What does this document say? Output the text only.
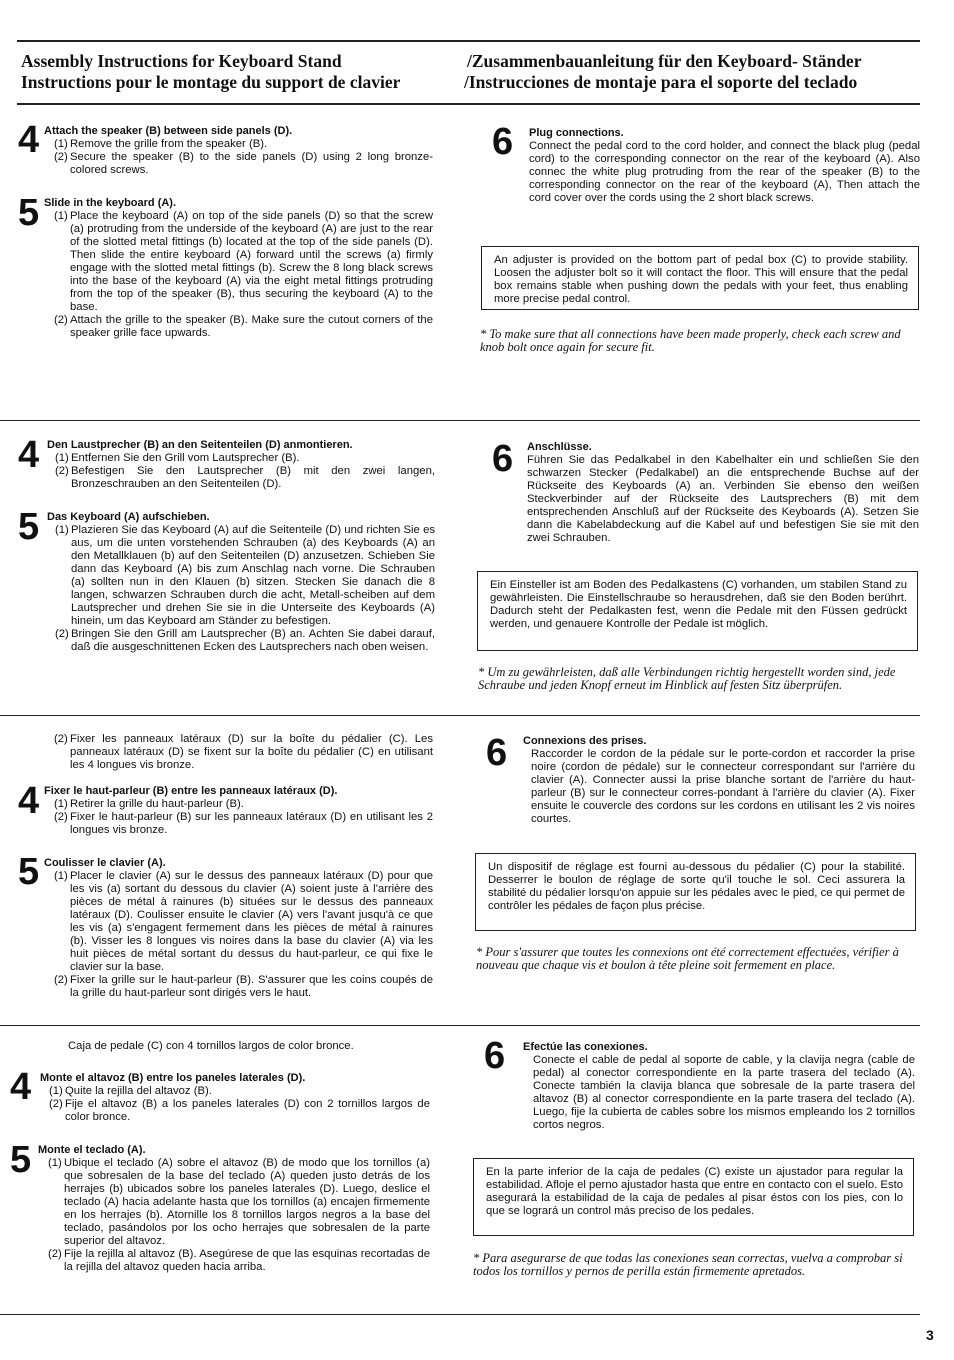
Assembly Instructions for Keyboard Stand	/Zusammenbauanleitung für den Keyboard- Ständer
Instructions pour le montage du support de clavier	/Instrucciones de montaje para el soporte del teclado
4 Attach the speaker (B) between side panels (D).
(1) Remove the grille from the speaker (B).
(2) Secure the speaker (B) to the side panels (D) using 2 long bronze-colored screws.
5 Slide in the keyboard (A).
(1) Place the keyboard (A) on top of the side panels (D) so that the screw (a) protruding from the underside of the keyboard (A) are just to the rear of the slotted metal fittings (b) located at the top of the side panels (D). Then slide the entire keyboard (A) forward until the screws (a) firmly engage with the slotted metal fittings (b). Screw the 8 long black screws into the base of the keyboard (A) via the eight metal fittings protruding from the top of the speaker (B), thus securing the keyboard (A) to the base.
(2) Attach the grille to the speaker (B). Make sure the cutout corners of the speaker grille face upwards.
6 Plug connections.
Connect the pedal cord to the cord holder, and connect the black plug (pedal cord) to the corresponding connector on the rear of the keyboard (A). Also connec the white plug protruding from the rear of the speaker (B) to the corresponding connector on the rear of the keyboard (A), Then attach the cord cover over the cords using the 2 short black screws.
An adjuster is provided on the bottom part of pedal box (C) to provide stability. Loosen the adjuster bolt so it will contact the floor. This will ensure that the pedal box remains stable when pushing down the pedals with your feet, thus enabling more precise pedal control.
* To make sure that all connections have been made properly, check each screw and knob bolt once again for secure fit.
4 Den Laustprecher (B) an den Seitenteilen (D) anmontieren.
(1) Entfernen Sie den Grill vom Lautsprecher (B).
(2) Befestigen Sie den Lautsprecher (B) mit den zwei langen, Bronzeschrauben an den Seitenteilen (D).
5 Das Keyboard (A) aufschieben.
(1) Plazieren Sie das Keyboard (A) auf die Seitenteile (D) und richten Sie es aus, um die unten vorstehenden Schrauben (a) des Keyboards (A) an den Metallklauen (b) auf den Seitenteilen (D) anzusetzen. Schieben Sie dann das Keyboard (A) bis zum Anschlag nach vorne. Die Schrauben (a) sollten nun in den Klauen (b) sitzen. Stecken Sie danach die 8 langen, schwarzen Schrauben durch die acht, Metall-scheiben auf dem Lautsprecher und drehen Sie sie in die Unterseite des Keyboards (A) hinein, um das Keyboard am Ständer zu befestigen.
(2) Bringen Sie den Grill am Lautsprecher (B) an. Achten Sie dabei darauf, daß die ausgeschnittenen Ecken des Lautsprechers nach oben weisen.
6 Anschlüsse.
Führen Sie das Pedalkabel in den Kabelhalter ein und schließen Sie den schwarzen Stecker (Pedalkabel) an die entsprechende Buchse auf der Rückseite des Keyboards (A) an. Verbinden Sie ebenso den weißen Steckverbinder auf der Rückseite des Lautsprechers (B) mit dem entsprechenden Anschluß auf der Rückseite des Keyboards (A). Setzen Sie dann die Kabelabdeckung auf die Kabel auf und befestigen Sie sie mit den zwei Schrauben.
Ein Einsteller ist am Boden des Pedalkastens (C) vorhanden, um stabilen Stand zu gewährleisten. Die Einstellschraube so herausdrehen, daß sie den Boden berührt. Dadurch steht der Pedalkasten fest, wenn die Pedale mit den Füssen gedrückt werden, und genauere Kontrolle der Pedale ist möglich.
* Um zu gewährleisten, daß alle Verbindungen richtig hergestellt worden sind, jede Schraube und jeden Knopf erneut im Hinblick auf festen Sitz überprüfen.
(2) Fixer les panneaux latéraux (D) sur la boîte du pédalier (C). Les panneaux latéraux (D) se fixent sur la boîte du pédalier (C) en utilisant les 4 longues vis bronze.
4 Fixer le haut-parleur (B) entre les panneaux latéraux (D).
(1) Retirer la grille du haut-parleur (B).
(2) Fixer le haut-parleur (B) sur les panneaux latéraux (D) en utilisant les 2 longues vis bronze.
5 Coulisser le clavier (A).
(1) Placer le clavier (A) sur le dessus des panneaux latéraux (D) pour que les vis (a) sortant du dessous du clavier (A) soient juste à l'arrière des pièces de métal à rainures (b) situées sur le dessus des panneaux latéraux (D). Coulisser ensuite le clavier (A) vers l'avant jusqu'à ce que les vis (a) s'engagent fermement dans les pièces de métal à rainures (b). Visser les 8 longues vis noires dans la base du clavier (A) via les huit pièces de métal sortant du dessus du haut-parleur, ce qui fixe le clavier sur la base.
(2) Fixer la grille sur le haut-parleur (B). S'assurer que les coins coupés de la grille du haut-parleur sont dirigés vers le haut.
6 Connexions des prises.
Raccorder le cordon de la pédale sur le porte-cordon et raccorder la prise noire (cordon de pédale) sur le connecteur correspondant sur l'arrière du clavier (A). Connecter aussi la prise blanche sortant de l'arrière du haut-parleur (B) sur le connecteur corres-pondant à l'arrière du clavier (A). Fixer ensuite le couvercle des cordons sur les cordons en utilisant les 2 vis noires courtes.
Un dispositif de réglage est fourni au-dessous du pédalier (C) pour la stabilité. Desserrer le boulon de réglage de sorte qu'il touche le sol. Ceci assurera la stabilité du pédalier lorsqu'on appuie sur les pédales avec le pied, ce qui permet de contrôler les pédales de façon plus précise.
* Pour s'assurer que toutes les connexions ont été correctement effectuées, vérifier à nouveau que chaque vis et boulon à tête pleine soit fermement en place.
Caja de pedale (C) con 4 tornillos largos de color bronce.
4 Monte el altavoz (B) entre los paneles laterales (D).
(1) Quite la rejilla del altavoz (B).
(2) Fije el altavoz (B) a los paneles laterales (D) con 2 tornillos largos de color bronce.
5 Monte el teclado (A).
(1) Ubique el teclado (A) sobre el altavoz (B) de modo que los tornillos (a) que sobresalen de la base del teclado (A) queden justo detrás de los herrajes (b) ubicados sobre los paneles laterales (D). Luego, deslice el teclado (A) hacia adelante hasta que los tornillos (a) encajen firmemente en los herrajes (b). Atornille los 8 tornillos largos negros a la base del teclado, pasándolos por los ocho herrajes que sobresalen de la parte superior del altavoz.
(2) Fije la rejilla al altavoz (B). Asegúrese de que las esquinas recortadas de la rejilla del altavoz queden hacia arriba.
6 Efectúe las conexiones.
Conecte el cable de pedal al soporte de cable, y la clavija negra (cable de pedal) al conector correspondiente en la parte trasera del teclado (A). Conecte también la clavija blanca que sobresale de la parte trasera del altavoz (B) al conector correspondiente en la parte trasera del teclado (A). Luego, fije la cubierta de cables sobre los mismos empleando los 2 tornillos cortos negros.
En la parte inferior de la caja de pedales (C) existe un ajustador para regular la estabilidad. Afloje el perno ajustador hasta que entre en contacto con el suelo. Esto asegurará la estabilidad de la caja de pedales al pisar éstos con los pies, con lo que se logrará un control más preciso de los pedales.
* Para asegurarse de que todas las conexiones sean correctas, vuelva a comprobar si todos los tornillos y pernos de perilla están firmemente apretados.
3
